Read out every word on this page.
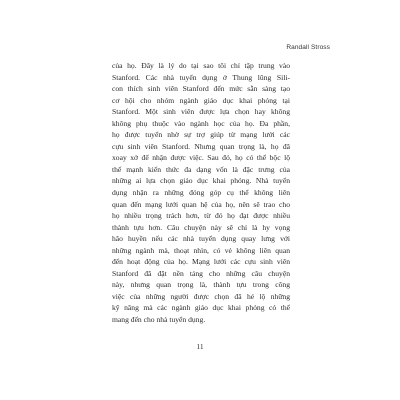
Randall Stross
của họ. Đây là lý do tại sao tôi chỉ tập trung vào
Stanford. Các nhà tuyển dụng ở Thung lũng Sili-
con thích sinh viên Stanford đến mức sẵn sàng tạo
cơ hội cho nhóm ngành giáo dục khai phóng tại
Stanford. Một sinh viên được lựa chọn hay không
không phụ thuộc vào ngành học của họ. Đa phần,
họ được tuyển nhờ sự trợ giúp từ mạng lưới các
cựu sinh viên Stanford. Nhưng quan trọng là, họ đã
xoay xở để nhận được việc. Sau đó, họ có thể bộc lộ
thế mạnh kiến thức đa dạng vốn là đặc trưng của
những ai lựa chọn giáo dục khai phóng. Nhà tuyển
dụng nhận ra những đóng góp cụ thể không liên
quan đến mạng lưới quan hệ của họ, nên sẽ trao cho
họ nhiều trọng trách hơn, từ đó họ đạt được nhiều
thành tựu hơn. Câu chuyện này sẽ chỉ là hy vọng
hão huyền nếu các nhà tuyển dụng quay lưng với
những ngành mà, thoạt nhìn, có vẻ không liên quan
đến hoạt động của họ. Mạng lưới các cựu sinh viên
Stanford đã đặt nền tảng cho những câu chuyện
này, nhưng quan trọng là, thành tựu trong công
việc của những người được chọn đã hé lộ những
kỹ năng mà các ngành giáo dục khai phóng có thể
mang đến cho nhà tuyển dụng.
11
